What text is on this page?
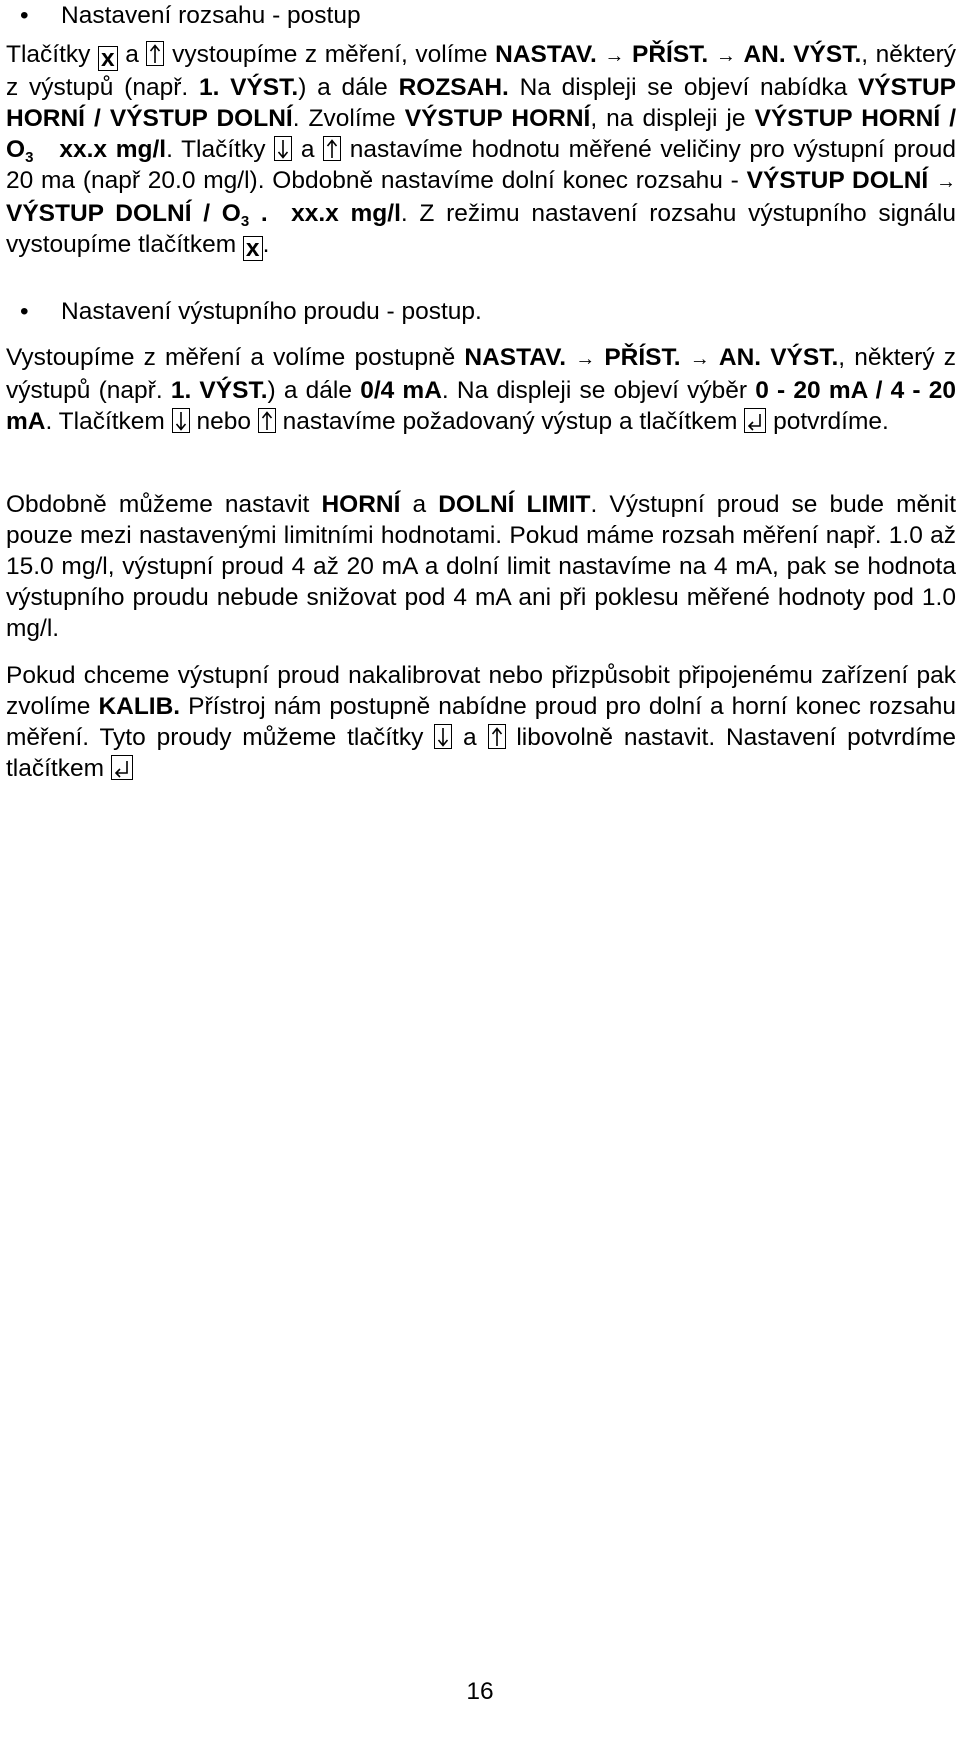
• Nastavení rozsahu - postup

Tlačítky x a vystoupíme z měření, volíme NASTAV. → PŘÍST. → AN. VÝST., některý z výstupů (např. 1. VÝST.) a dále ROZSAH. Na displeji se objeví nabídka VÝSTUP HORNÍ / VÝSTUP DOLNÍ. Zvolíme VÝSTUP HORNÍ, na displeji je VÝSTUP HORNÍ / $O_3$ xx.x mg/l. Tlačítky a nastavíme hodnotu měřené veličiny pro výstupní proud 20 ma (např 20.0 mg/l). Obdobně nastavíme dolní konec rozsahu - VÝSTUP DOLNÍ → VÝSTUP DOLNÍ / $O_3$ . xx.x mg/l. Z režimu nastavení rozsahu výstupního signálu vystoupíme tlačítkem x .

• Nastavení výstupního proudu - postup.

Vystoupíme z měření a volíme postupně NASTAV. → PŘÍST. → AN. VÝST., některý z výstupů (např. 1. VÝST.) a dále 0/4 mA. Na displeji se objeví výběr 0 - 20 mA / 4 - 20 mA. Tlačítkem nebo nastavíme požadovaný výstup a tlačítkem potvrdíme.

Obdobně můžeme nastavit HORNÍ a DOLNÍ LIMIT. Výstupní proud se bude měnit pouze mezi nastavenými limitními hodnotami. Pokud máme rozsah měření např. 1.0 až 15.0 mg/l, výstupní proud 4 až 20 mA a dolní limit nastavíme na 4 mA, pak se hodnota výstupního proudu nebude snižovat pod 4 mA ani při poklesu měřené hodnoty pod 1.0 mg/l.

Pokud chceme výstupní proud nakalibrovat nebo přizpůsobit připojenému zařízení pak zvolíme KALIB. Přístroj nám postupně nabídne proud pro dolní a horní konec rozsahu měření. Tyto proudy můžeme tlačítky a libovolně nastavit. Nastavení potvrdíme tlačítkem

16
